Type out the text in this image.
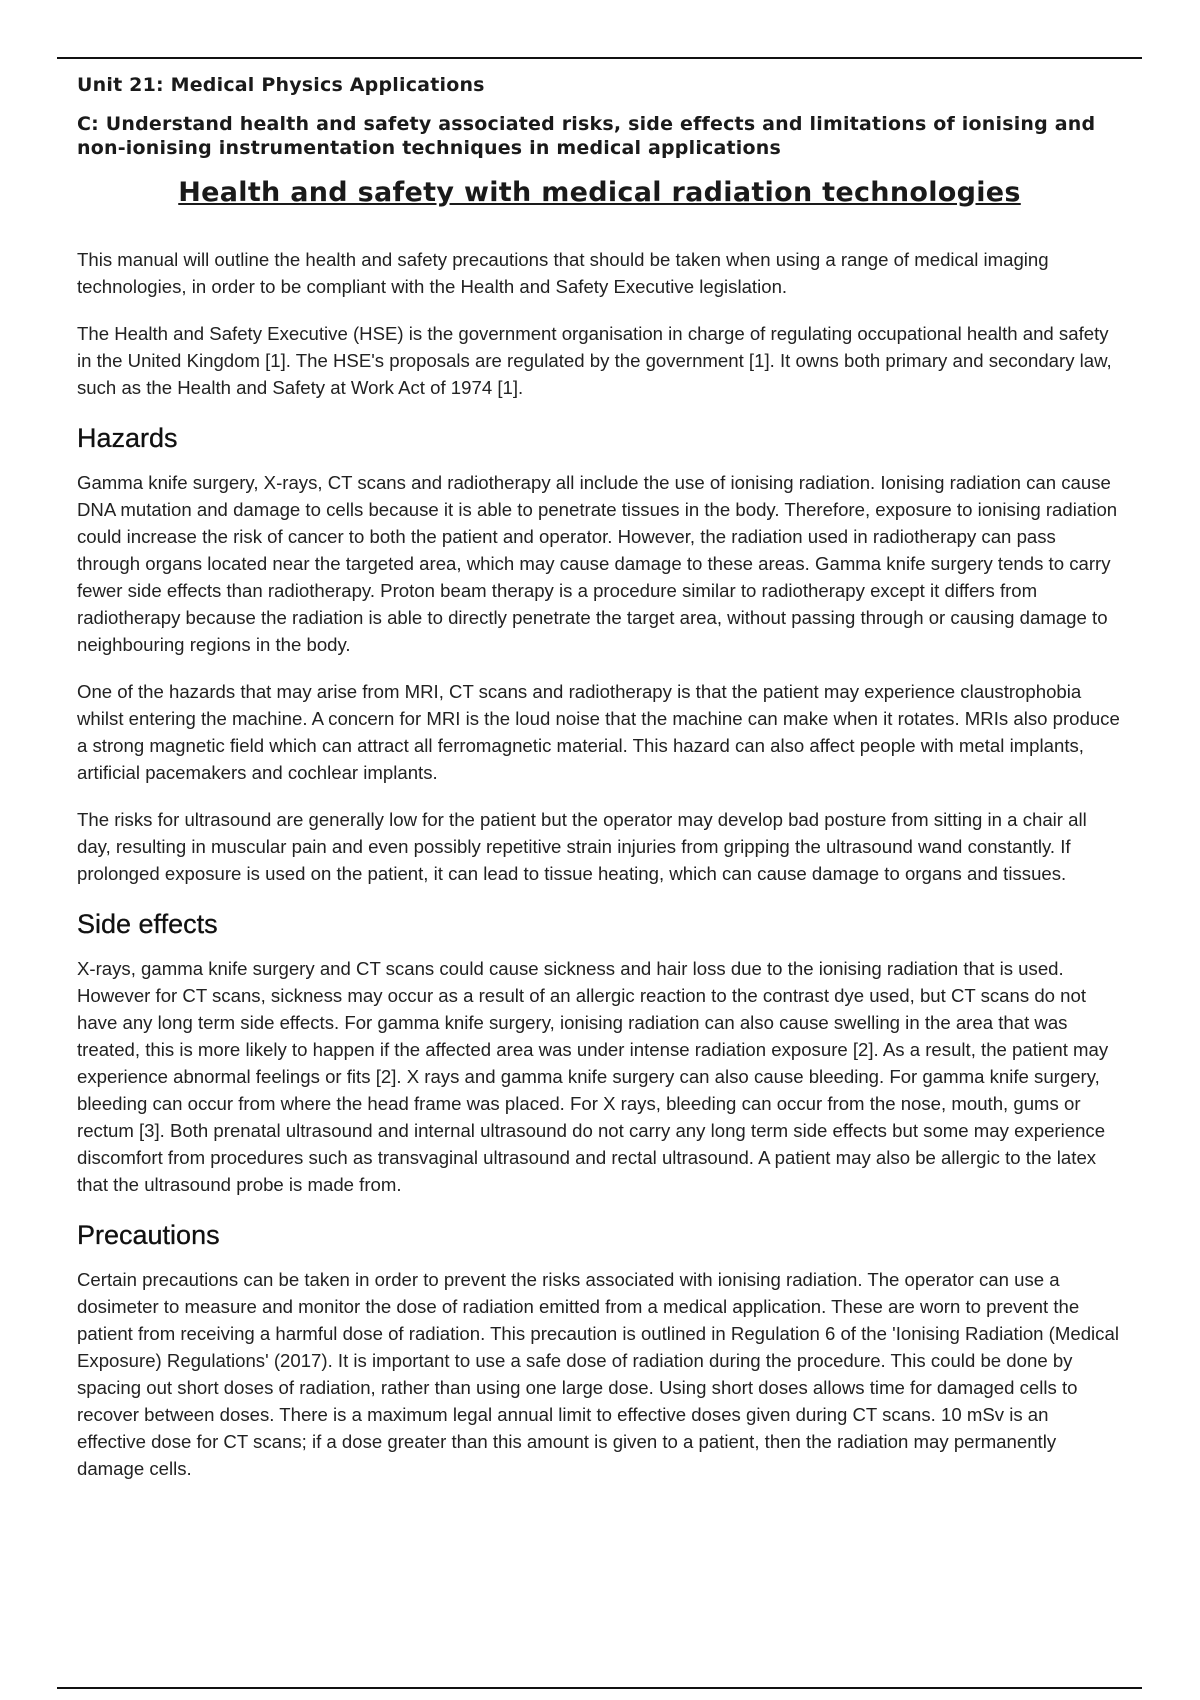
Unit 21: Medical Physics Applications
C: Understand health and safety associated risks, side effects and limitations of ionising and non-ionising instrumentation techniques in medical applications
Health and safety with medical radiation technologies

This manual will outline the health and safety precautions that should be taken when using a range of medical imaging technologies, in order to be compliant with the Health and Safety Executive legislation.

The Health and Safety Executive (HSE) is the government organisation in charge of regulating occupational health and safety in the United Kingdom [1]. The HSE's proposals are regulated by the government [1]. It owns both primary and secondary law, such as the Health and Safety at Work Act of 1974 [1].

Hazards

Gamma knife surgery, X-rays, CT scans and radiotherapy all include the use of ionising radiation. Ionising radiation can cause DNA mutation and damage to cells because it is able to penetrate tissues in the body. Therefore, exposure to ionising radiation could increase the risk of cancer to both the patient and operator. However, the radiation used in radiotherapy can pass through organs located near the targeted area, which may cause damage to these areas. Gamma knife surgery tends to carry fewer side effects than radiotherapy. Proton beam therapy is a procedure similar to radiotherapy except it differs from radiotherapy because the radiation is able to directly penetrate the target area, without passing through or causing damage to neighbouring regions in the body.

One of the hazards that may arise from MRI, CT scans and radiotherapy is that the patient may experience claustrophobia whilst entering the machine. A concern for MRI is the loud noise that the machine can make when it rotates. MRIs also produce a strong magnetic field which can attract all ferromagnetic material. This hazard can also affect people with metal implants, artificial pacemakers and cochlear implants.

The risks for ultrasound are generally low for the patient but the operator may develop bad posture from sitting in a chair all day, resulting in muscular pain and even possibly repetitive strain injuries from gripping the ultrasound wand constantly. If prolonged exposure is used on the patient, it can lead to tissue heating, which can cause damage to organs and tissues.

Side effects

X-rays, gamma knife surgery and CT scans could cause sickness and hair loss due to the ionising radiation that is used. However for CT scans, sickness may occur as a result of an allergic reaction to the contrast dye used, but CT scans do not have any long term side effects. For gamma knife surgery, ionising radiation can also cause swelling in the area that was treated, this is more likely to happen if the affected area was under intense radiation exposure [2]. As a result, the patient may experience abnormal feelings or fits [2]. X rays and gamma knife surgery can also cause bleeding. For gamma knife surgery, bleeding can occur from where the head frame was placed. For X rays, bleeding can occur from the nose, mouth, gums or rectum [3]. Both prenatal ultrasound and internal ultrasound do not carry any long term side effects but some may experience discomfort from procedures such as transvaginal ultrasound and rectal ultrasound. A patient may also be allergic to the latex that the ultrasound probe is made from.

Precautions

Certain precautions can be taken in order to prevent the risks associated with ionising radiation. The operator can use a dosimeter to measure and monitor the dose of radiation emitted from a medical application. These are worn to prevent the patient from receiving a harmful dose of radiation. This precaution is outlined in Regulation 6 of the 'Ionising Radiation (Medical Exposure) Regulations' (2017). It is important to use a safe dose of radiation during the procedure. This could be done by spacing out short doses of radiation, rather than using one large dose. Using short doses allows time for damaged cells to recover between doses. There is a maximum legal annual limit to effective doses given during CT scans. 10 mSv is an effective dose for CT scans; if a dose greater than this amount is given to a patient, then the radiation may permanently damage cells.
